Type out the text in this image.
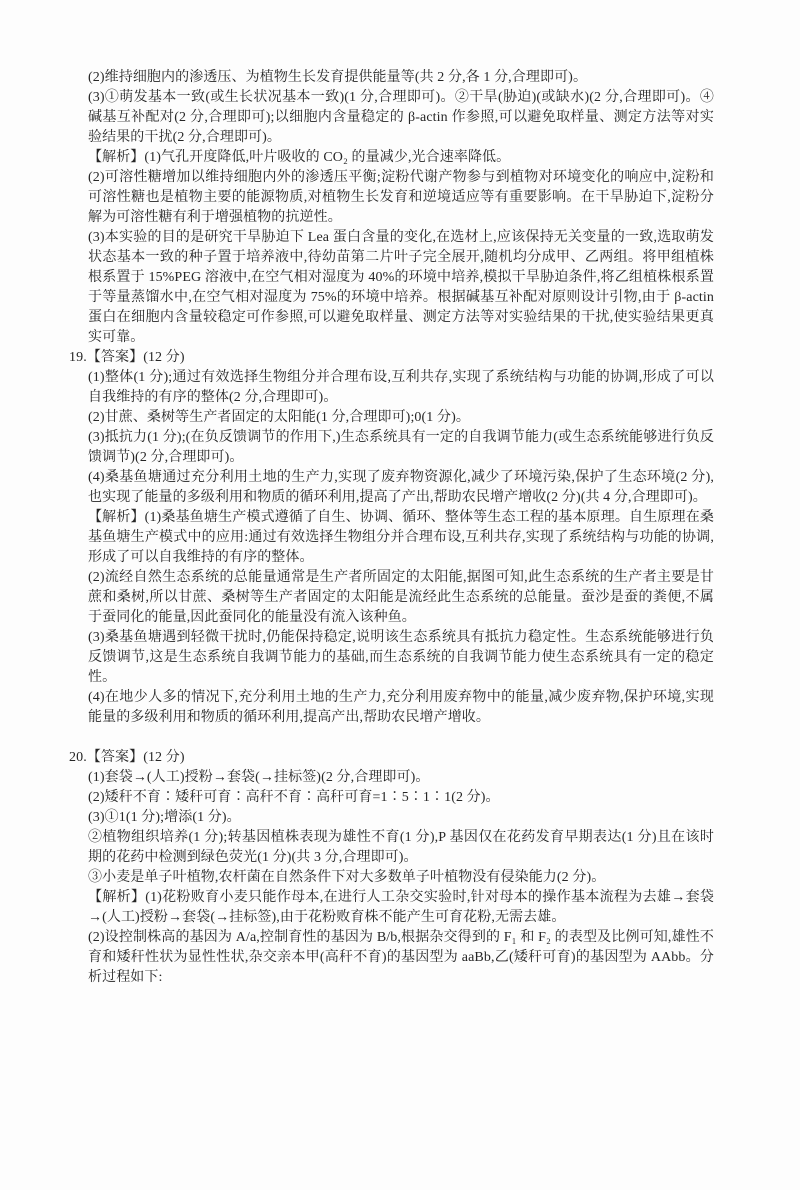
(2)维持细胞内的渗透压、为植物生长发育提供能量等(共 2 分,各 1 分,合理即可)。

(3)①萌发基本一致(或生长状况基本一致)(1 分,合理即可)。②干旱(胁迫)(或缺水)(2 分,合理即可)。④碱基互补配对(2 分,合理即可);以细胞内含量稳定的 β-actin 作参照,可以避免取样量、测定方法等对实验结果的干扰(2 分,合理即可)。

【解析】(1)气孔开度降低,叶片吸收的 CO₂ 的量减少,光合速率降低。

(2)可溶性糖增加以维持细胞内外的渗透压平衡;淀粉代谢产物参与到植物对环境变化的响应中,淀粉和可溶性糖也是植物主要的能源物质,对植物生长发育和逆境适应等有重要影响。在干旱胁迫下,淀粉分解为可溶性糖有利于增强植物的抗逆性。

(3)本实验的目的是研究干旱胁迫下 Lea 蛋白含量的变化,在选材上,应该保持无关变量的一致,选取萌发状态基本一致的种子置于培养液中,待幼苗第二片叶子完全展开,随机均分成甲、乙两组。将甲组植株根系置于 15%PEG 溶液中,在空气相对湿度为 40%的环境中培养,模拟干旱胁迫条件,将乙组植株根系置于等量蒸馏水中,在空气相对湿度为 75%的环境中培养。根据碱基互补配对原则设计引物,由于 β-actin 蛋白在细胞内含量较稳定可作参照,可以避免取样量、测定方法等对实验结果的干扰,使实验结果更真实可靠。

19.【答案】(12 分)

(1)整体(1 分);通过有效选择生物组分并合理布设,互利共存,实现了系统结构与功能的协调,形成了可以自我维持的有序的整体(2 分,合理即可)。

(2)甘蔗、桑树等生产者固定的太阳能(1 分,合理即可);0(1 分)。

(3)抵抗力(1 分);(在负反馈调节的作用下,)生态系统具有一定的自我调节能力(或生态系统能够进行负反馈调节)(2 分,合理即可)。

(4)桑基鱼塘通过充分利用土地的生产力,实现了废弃物资源化,减少了环境污染,保护了生态环境(2 分),也实现了能量的多级利用和物质的循环利用,提高了产出,帮助农民增产增收(2 分)(共 4 分,合理即可)。

【解析】(1)桑基鱼塘生产模式遵循了自生、协调、循环、整体等生态工程的基本原理。自生原理在桑基鱼塘生产模式中的应用:通过有效选择生物组分并合理布设,互利共存,实现了系统结构与功能的协调,形成了可以自我维持的有序的整体。

(2)流经自然生态系统的总能量通常是生产者所固定的太阳能,据图可知,此生态系统的生产者主要是甘蔗和桑树,所以甘蔗、桑树等生产者固定的太阳能是流经此生态系统的总能量。蚕沙是蚕的粪便,不属于蚕同化的能量,因此蚕同化的能量没有流入该种鱼。

(3)桑基鱼塘遇到轻微干扰时,仍能保持稳定,说明该生态系统具有抵抗力稳定性。生态系统能够进行负反馈调节,这是生态系统自我调节能力的基础,而生态系统的自我调节能力使生态系统具有一定的稳定性。

(4)在地少人多的情况下,充分利用土地的生产力,充分利用废弃物中的能量,减少废弃物,保护环境,实现能量的多级利用和物质的循环利用,提高产出,帮助农民增产增收。

20.【答案】(12 分)

(1)套袋→(人工)授粉→套袋(→挂标签)(2 分,合理即可)。

(2)矮秆不育∶矮秆可育∶高秆不育∶高秆可育=1∶5∶1∶1(2 分)。

(3)①1(1 分);增添(1 分)。

②植物组织培养(1 分);转基因植株表现为雄性不育(1 分),P 基因仅在花药发育早期表达(1 分)且在该时期的花药中检测到绿色荧光(1 分)(共 3 分,合理即可)。

③小麦是单子叶植物,农杆菌在自然条件下对大多数单子叶植物没有侵染能力(2 分)。

【解析】(1)花粉败育小麦只能作母本,在进行人工杂交实验时,针对母本的操作基本流程为去雄→套袋→(人工)授粉→套袋(→挂标签),由于花粉败育株不能产生可育花粉,无需去雄。

(2)设控制株高的基因为 A/a,控制育性的基因为 B/b,根据杂交得到的 F₁ 和 F₂ 的表型及比例可知,雄性不育和矮秆性状为显性性状,杂交亲本甲(高秆不育)的基因型为 aaBb,乙(矮秆可育)的基因型为 AAbb。分析过程如下:
